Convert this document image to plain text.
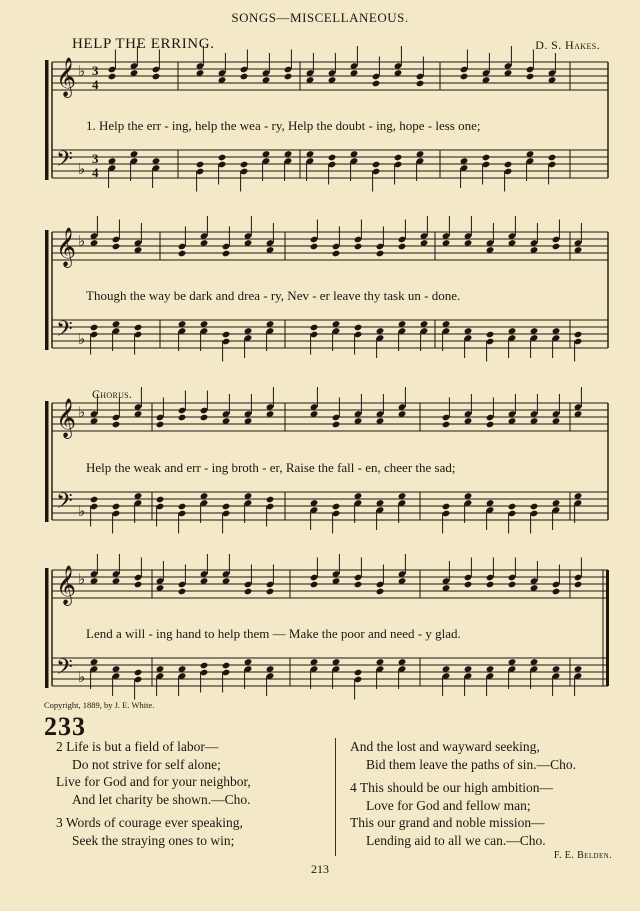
SONGS—MISCELLANEOUS.
HELP THE ERRING.	D. S. Hakes.
𝄞 ♭ 3
4
𝄢 ♭
3
4
𝄞 ♭
𝄢 ♭
𝄞 ♭
𝄢 ♭
𝄞 ♭
𝄢 ♭
1. Help the err - ing, help the wea - ry, Help the doubt - ing, hope - less one;
Though the way be dark and drea - ry, Nev - er leave thy task un - done.
Chorus.
Help the weak and err - ing broth - er, Raise the fall - en, cheer the sad;
Lend a will - ing hand to help them — Make the poor and need - y glad.
Copyright, 1889, by J. E. White.
233
2 Life is but a field of labor—
Do not strive for self alone;
Live for God and for your neighbor,
And let charity be shown.—Cho.
3 Words of courage ever speaking,
Seek the straying ones to win;
And the lost and wayward seeking,
Bid them leave the paths of sin.—Cho.
4 This should be our high ambition—
Love for God and fellow man;
This our grand and noble mission—
Lending aid to all we can.—Cho.
F. E. Belden.
213
